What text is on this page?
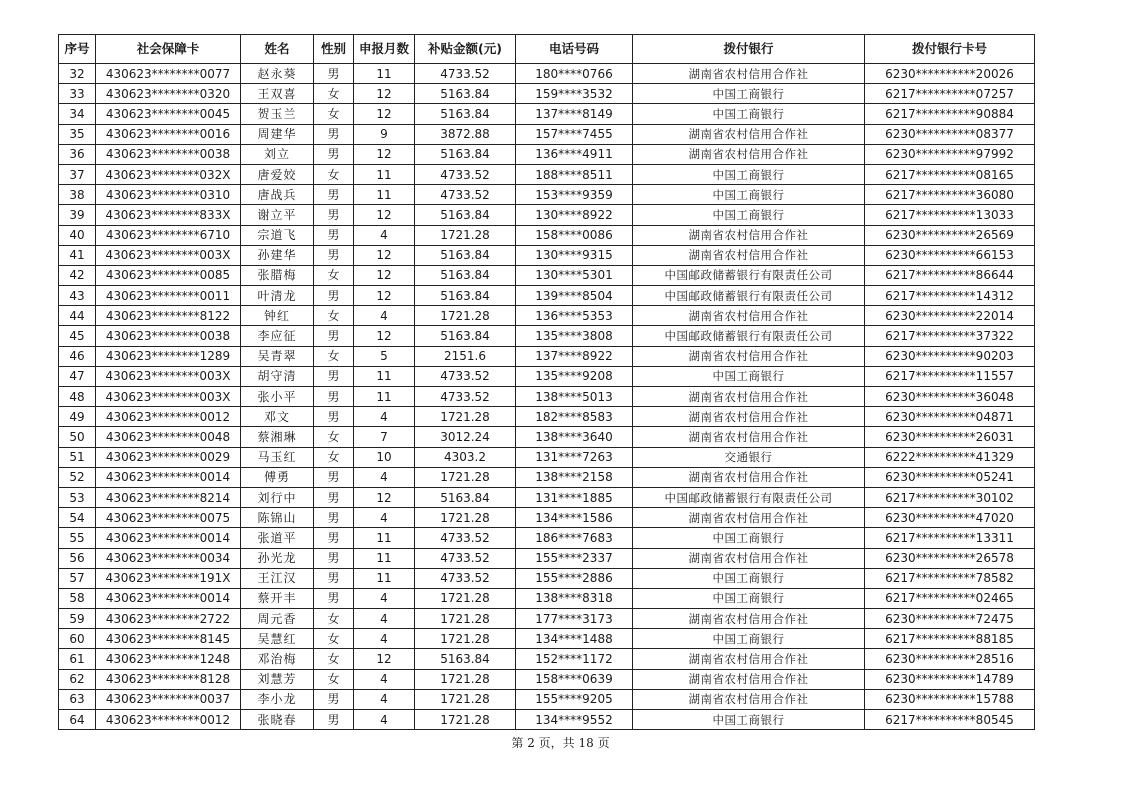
序号	社会保障卡	姓名	性别	申报月数	补贴金额(元)	电话号码	拨付银行	拨付银行卡号
32	430623********0077	赵永葵	男	11	4733.52	180****0766	湖南省农村信用合作社	6230**********20026
33	430623********0320	王双喜	女	12	5163.84	159****3532	中国工商银行	6217**********07257
34	430623********0045	贺玉兰	女	12	5163.84	137****8149	中国工商银行	6217**********90884
35	430623********0016	周建华	男	9	3872.88	157****7455	湖南省农村信用合作社	6230**********08377
36	430623********0038	刘立	男	12	5163.84	136****4911	湖南省农村信用合作社	6230**********97992
37	430623********032X	唐爱姣	女	11	4733.52	188****8511	中国工商银行	6217**********08165
38	430623********0310	唐战兵	男	11	4733.52	153****9359	中国工商银行	6217**********36080
39	430623********833X	谢立平	男	12	5163.84	130****8922	中国工商银行	6217**********13033
40	430623********6710	宗道飞	男	4	1721.28	158****0086	湖南省农村信用合作社	6230**********26569
41	430623********003X	孙建华	男	12	5163.84	130****9315	湖南省农村信用合作社	6230**********66153
42	430623********0085	张腊梅	女	12	5163.84	130****5301	中国邮政储蓄银行有限责任公司	6217**********86644
43	430623********0011	叶清龙	男	12	5163.84	139****8504	中国邮政储蓄银行有限责任公司	6217**********14312
44	430623********8122	钟红	女	4	1721.28	136****5353	湖南省农村信用合作社	6230**********22014
45	430623********0038	李应征	男	12	5163.84	135****3808	中国邮政储蓄银行有限责任公司	6217**********37322
46	430623********1289	吴青翠	女	5	2151.6	137****8922	湖南省农村信用合作社	6230**********90203
47	430623********003X	胡守清	男	11	4733.52	135****9208	中国工商银行	6217**********11557
48	430623********003X	张小平	男	11	4733.52	138****5013	湖南省农村信用合作社	6230**********36048
49	430623********0012	邓文	男	4	1721.28	182****8583	湖南省农村信用合作社	6230**********04871
50	430623********0048	蔡湘琳	女	7	3012.24	138****3640	湖南省农村信用合作社	6230**********26031
51	430623********0029	马玉红	女	10	4303.2	131****7263	交通银行	6222**********41329
52	430623********0014	傅勇	男	4	1721.28	138****2158	湖南省农村信用合作社	6230**********05241
53	430623********8214	刘行中	男	12	5163.84	131****1885	中国邮政储蓄银行有限责任公司	6217**********30102
54	430623********0075	陈锦山	男	4	1721.28	134****1586	湖南省农村信用合作社	6230**********47020
55	430623********0014	张道平	男	11	4733.52	186****7683	中国工商银行	6217**********13311
56	430623********0034	孙光龙	男	11	4733.52	155****2337	湖南省农村信用合作社	6230**********26578
57	430623********191X	王江汉	男	11	4733.52	155****2886	中国工商银行	6217**********78582
58	430623********0014	蔡开丰	男	4	1721.28	138****8318	中国工商银行	6217**********02465
59	430623********2722	周元香	女	4	1721.28	177****3173	湖南省农村信用合作社	6230**********72475
60	430623********8145	吴慧红	女	4	1721.28	134****1488	中国工商银行	6217**********88185
61	430623********1248	邓治梅	女	12	5163.84	152****1172	湖南省农村信用合作社	6230**********28516
62	430623********8128	刘慧芳	女	4	1721.28	158****0639	湖南省农村信用合作社	6230**********14789
63	430623********0037	李小龙	男	4	1721.28	155****9205	湖南省农村信用合作社	6230**********15788
64	430623********0012	张晓春	男	4	1721.28	134****9552	中国工商银行	6217**********80545
第 2 页，共 18 页
